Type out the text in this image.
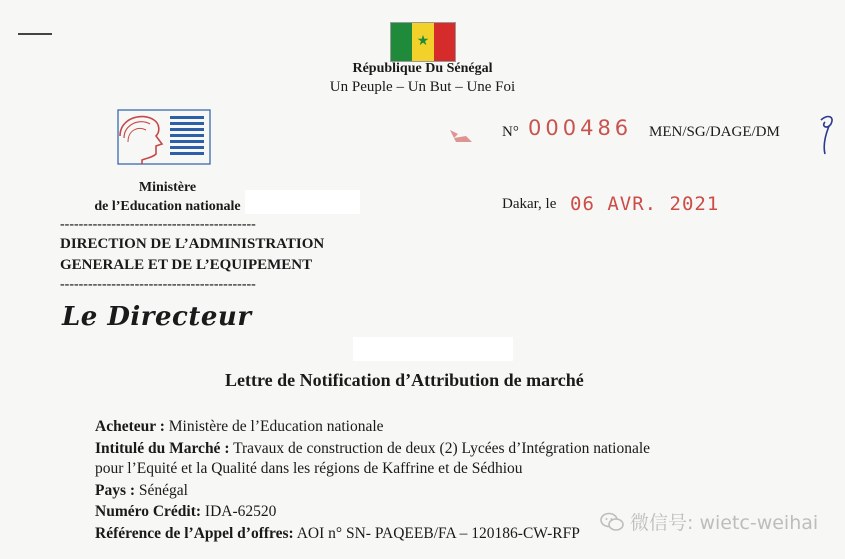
★
République Du Sénégal
Un Peuple – Un But – Une Foi
Ministère
de l’Education nationale
------------------------------------------
DIRECTION DE L’ADMINISTRATION
GENERALE ET DE L’EQUIPEMENT
------------------------------------------
Le Directeur
N° 000486 MEN/SG/DAGE/DM
Dakar, le 06 AVR. 2021
Lettre de Notification d’Attribution de marché
Acheteur : Ministère de l’Education nationale
Intitulé du Marché : Travaux de construction de deux (2) Lycées d’Intégration nationale
pour l’Equité et la Qualité dans les régions de Kaffrine et de Sédhiou
Pays : Sénégal
Numéro Crédit: IDA-62520
Référence de l’Appel d’offres: AOI n° SN- PAQEEB/FA – 120186-CW-RFP	微信号: wietc-weihai
